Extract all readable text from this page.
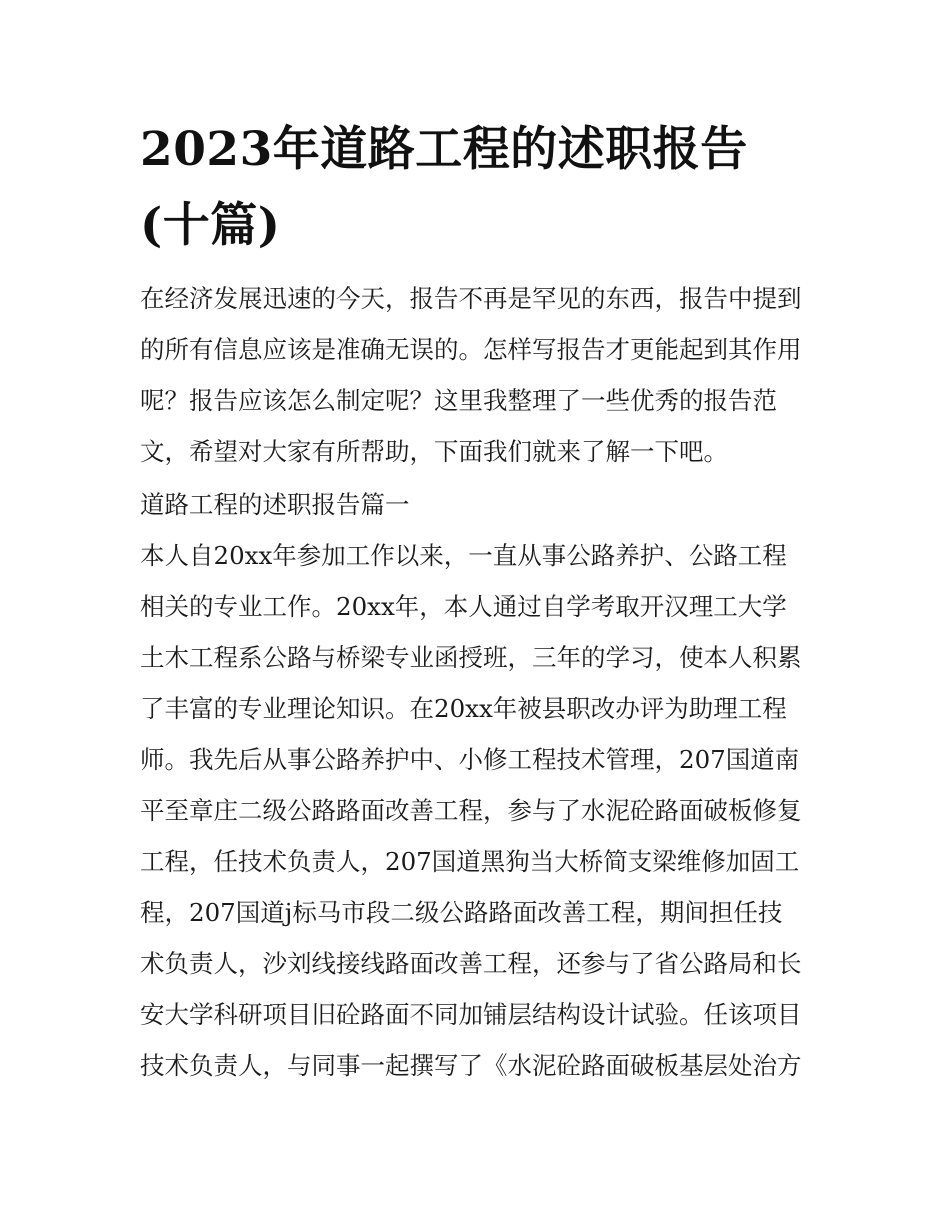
2023年道路工程的述职报告
(十篇)
在经济发展迅速的今天，报告不再是罕见的东西，报告中提到
的所有信息应该是准确无误的。怎样写报告才更能起到其作用
呢？报告应该怎么制定呢？这里我整理了一些优秀的报告范
文，希望对大家有所帮助，下面我们就来了解一下吧。
道路工程的述职报告篇一
本人自20xx年参加工作以来，一直从事公路养护、公路工程
相关的专业工作。20xx年，本人通过自学考取开汉理工大学
土木工程系公路与桥梁专业函授班，三年的学习，使本人积累
了丰富的专业理论知识。在20xx年被县职改办评为助理工程
师。我先后从事公路养护中、小修工程技术管理，207国道南
平至章庄二级公路路面改善工程，参与了水泥砼路面破板修复
工程，任技术负责人，207国道黑狗当大桥简支梁维修加固工
程，207国道j标马市段二级公路路面改善工程，期间担任技
术负责人，沙刘线接线路面改善工程，还参与了省公路局和长
安大学科研项目旧砼路面不同加铺层结构设计试验。任该项目
技术负责人，与同事一起撰写了《水泥砼路面破板基层处治方
